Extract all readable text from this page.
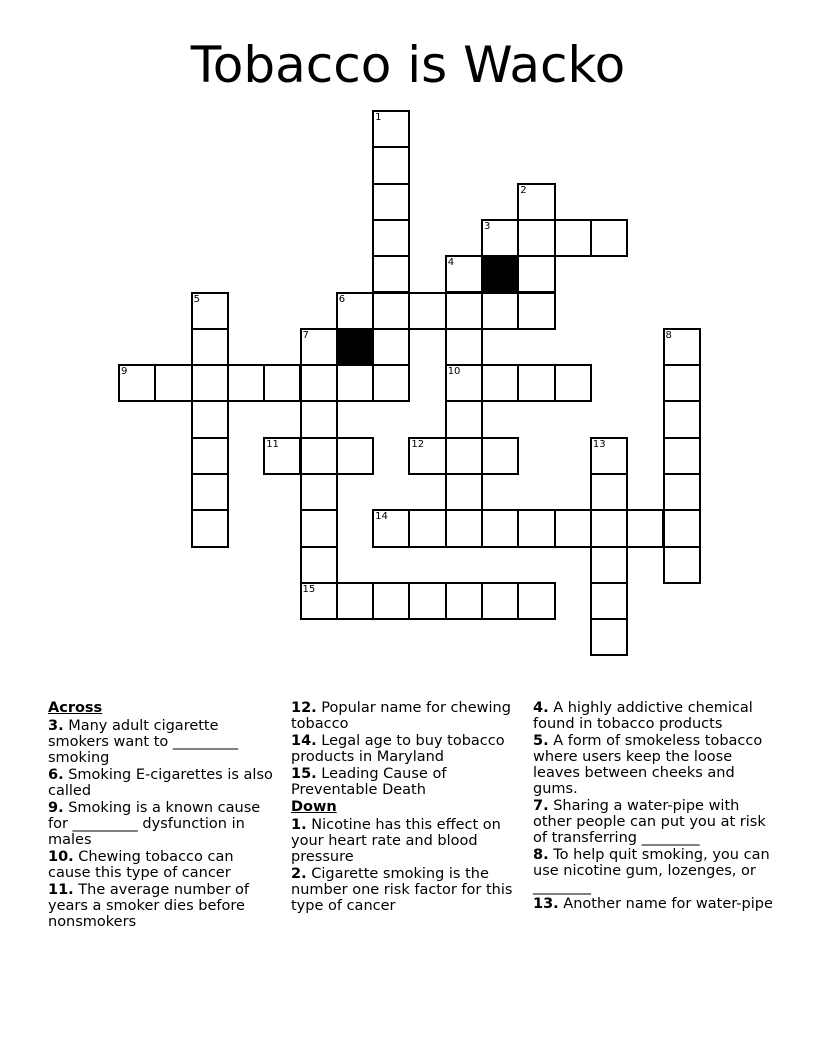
Tobacco is Wacko
1
2
3
4
5	6
7	8
9	10
11	12	13
14
15
Across
3. Many adult cigarette smokers want to _________ smoking
6. Smoking E-cigarettes is also called
9. Smoking is a known cause for _________ dysfunction in males
10. Chewing tobacco can cause this type of cancer
11. The average number of years a smoker dies before nonsmokers
12. Popular name for chewing tobacco
14. Legal age to buy tobacco products in Maryland
15. Leading Cause of Preventable Death
Down
1. Nicotine has this effect on your heart rate and blood pressure
2. Cigarette smoking is the number one risk factor for this type of cancer
4. A highly addictive chemical found in tobacco products
5. A form of smokeless tobacco where users keep the loose leaves between cheeks and gums.
7. Sharing a water-pipe with other people can put you at risk of transferring ________
8. To help quit smoking, you can use nicotine gum, lozenges, or ________
13. Another name for water-pipe
